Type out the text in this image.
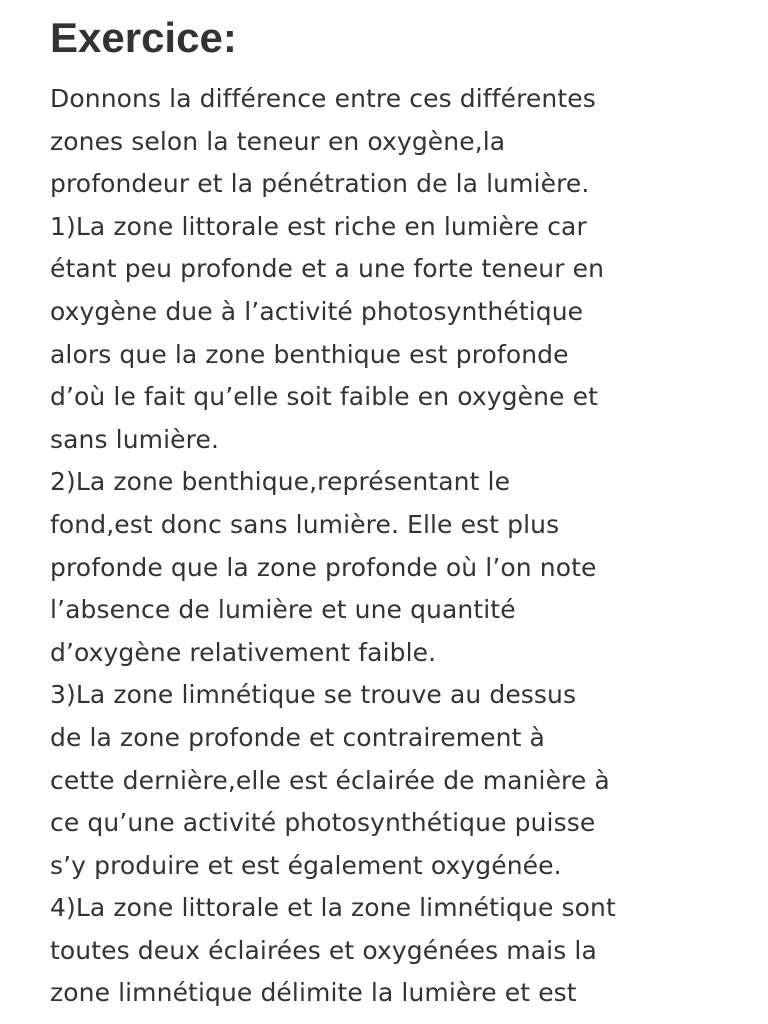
Exercice:
Donnons la différence entre ces différentes
zones selon la teneur en oxygène,la
profondeur et la pénétration de la lumière.
1)La zone littorale est riche en lumière car
étant peu profonde et a une forte teneur en
oxygène due à l’activité photosynthétique
alors que la zone benthique est profonde
d’où le fait qu’elle soit faible en oxygène et
sans lumière.
2)La zone benthique,représentant le
fond,est donc sans lumière. Elle est plus
profonde que la zone profonde où l’on note
l’absence de lumière et une quantité
d’oxygène relativement faible.
3)La zone limnétique se trouve au dessus
de la zone profonde et contrairement à
cette dernière,elle est éclairée de manière à
ce qu’une activité photosynthétique puisse
s’y produire et est également oxygénée.
4)La zone littorale et la zone limnétique sont
toutes deux éclairées et oxygénées mais la
zone limnétique délimite la lumière et est
